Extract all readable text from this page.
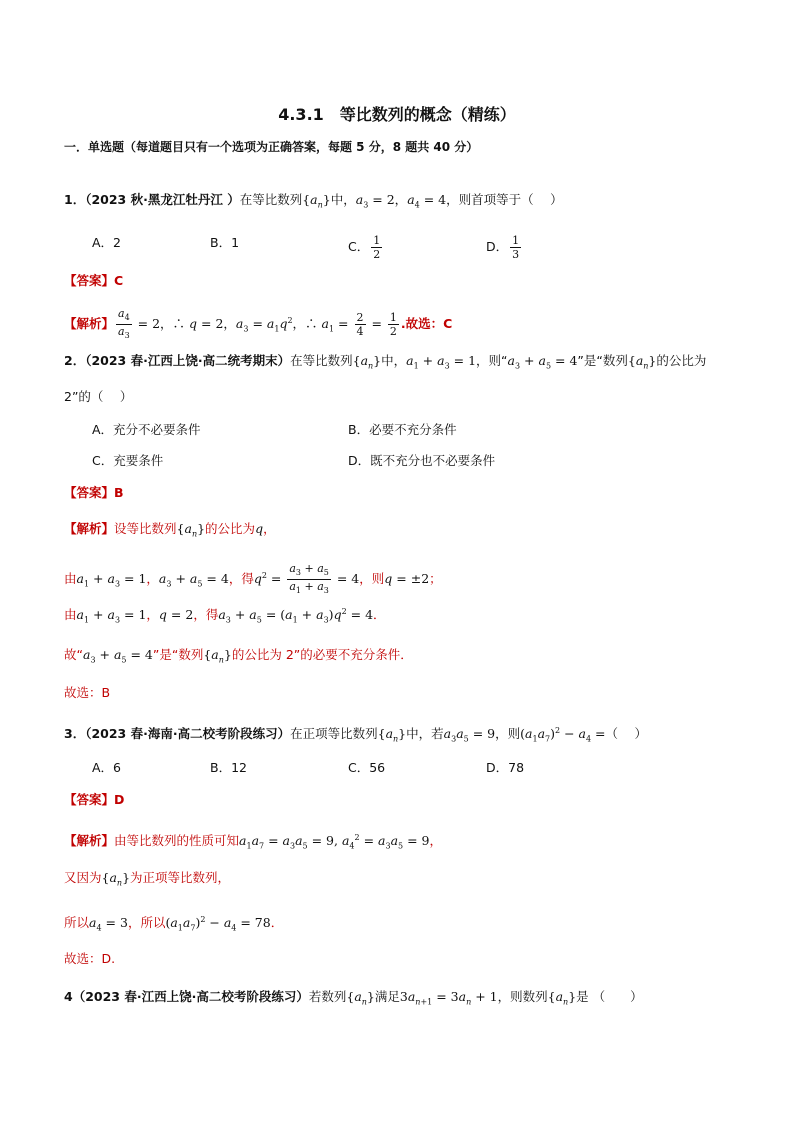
4.3.1　等比数列的概念（精练）
一．单选题（每道题目只有一个选项为正确答案，每题 5 分，8 题共 40 分）
1．（2023 秋·黑龙江牡丹江 ）在等比数列$\{a_n\}$中，$a_3 = 2$，$a_4 = 4$，则首项等于（　 ）
A．2	B．1	C． $\frac{1}{2}$	D． $\frac{1}{3}$
【答案】C
【解析】 $\frac{a_4}{a_3} = 2$，∴ q = 2，$a_3 = a_1q^2$，∴ $a_1 = \frac{2}{4} = \frac{1}{2}$ .故选：C
2．（2023 春·江西上饶·高二统考期末）在等比数列$\{a_n\}$中，$a_1 + a_3 = 1$，则“$a_3 + a_5 = 4$”是“数列$\{a_n\}$的公比为
2”的（　 ）
A．充分不必要条件	B．必要不充分条件
C．充要条件	D．既不充分也不必要条件
【答案】B
【解析】设等比数列$\{a_n\}$的公比为q，
由$a_1 + a_3 = 1$，$a_3 + a_5 = 4$，得$q^2 = \frac{a_3 + a_5}{a_1 + a_3} = 4$，则q = ±2；
由$a_1 + a_3 = 1$，q = 2，得$a_3 + a_5 = (a_1 + a_3)q^2 = 4$．
故“$a_3 + a_5 = 4$”是“数列$\{a_n\}$的公比为 2”的必要不充分条件．
故选：B
3．（2023 春·海南·高二校考阶段练习）在正项等比数列$\{a_n\}$中，若$a_3a_5 = 9$，则$(a_1a_7)^2 - a_4$ =（　 ）
A．6	B．12	C．56	D．78
【答案】D
【解析】由等比数列的性质可知$a_1a_7 = a_3a_5 = 9$, $a_4^2 = a_3a_5 = 9$，
又因为$\{a_n\}$为正项等比数列，
所以$a_4 = 3$，所以$(a_1a_7)^2 - a_4 = 78$．
故选：D.
4（2023 春·江西上饶·高二校考阶段练习）若数列$\{a_n\}$满足$3a_{n+1} = 3a_n + 1$，则数列$\{a_n\}$是 （　　）
